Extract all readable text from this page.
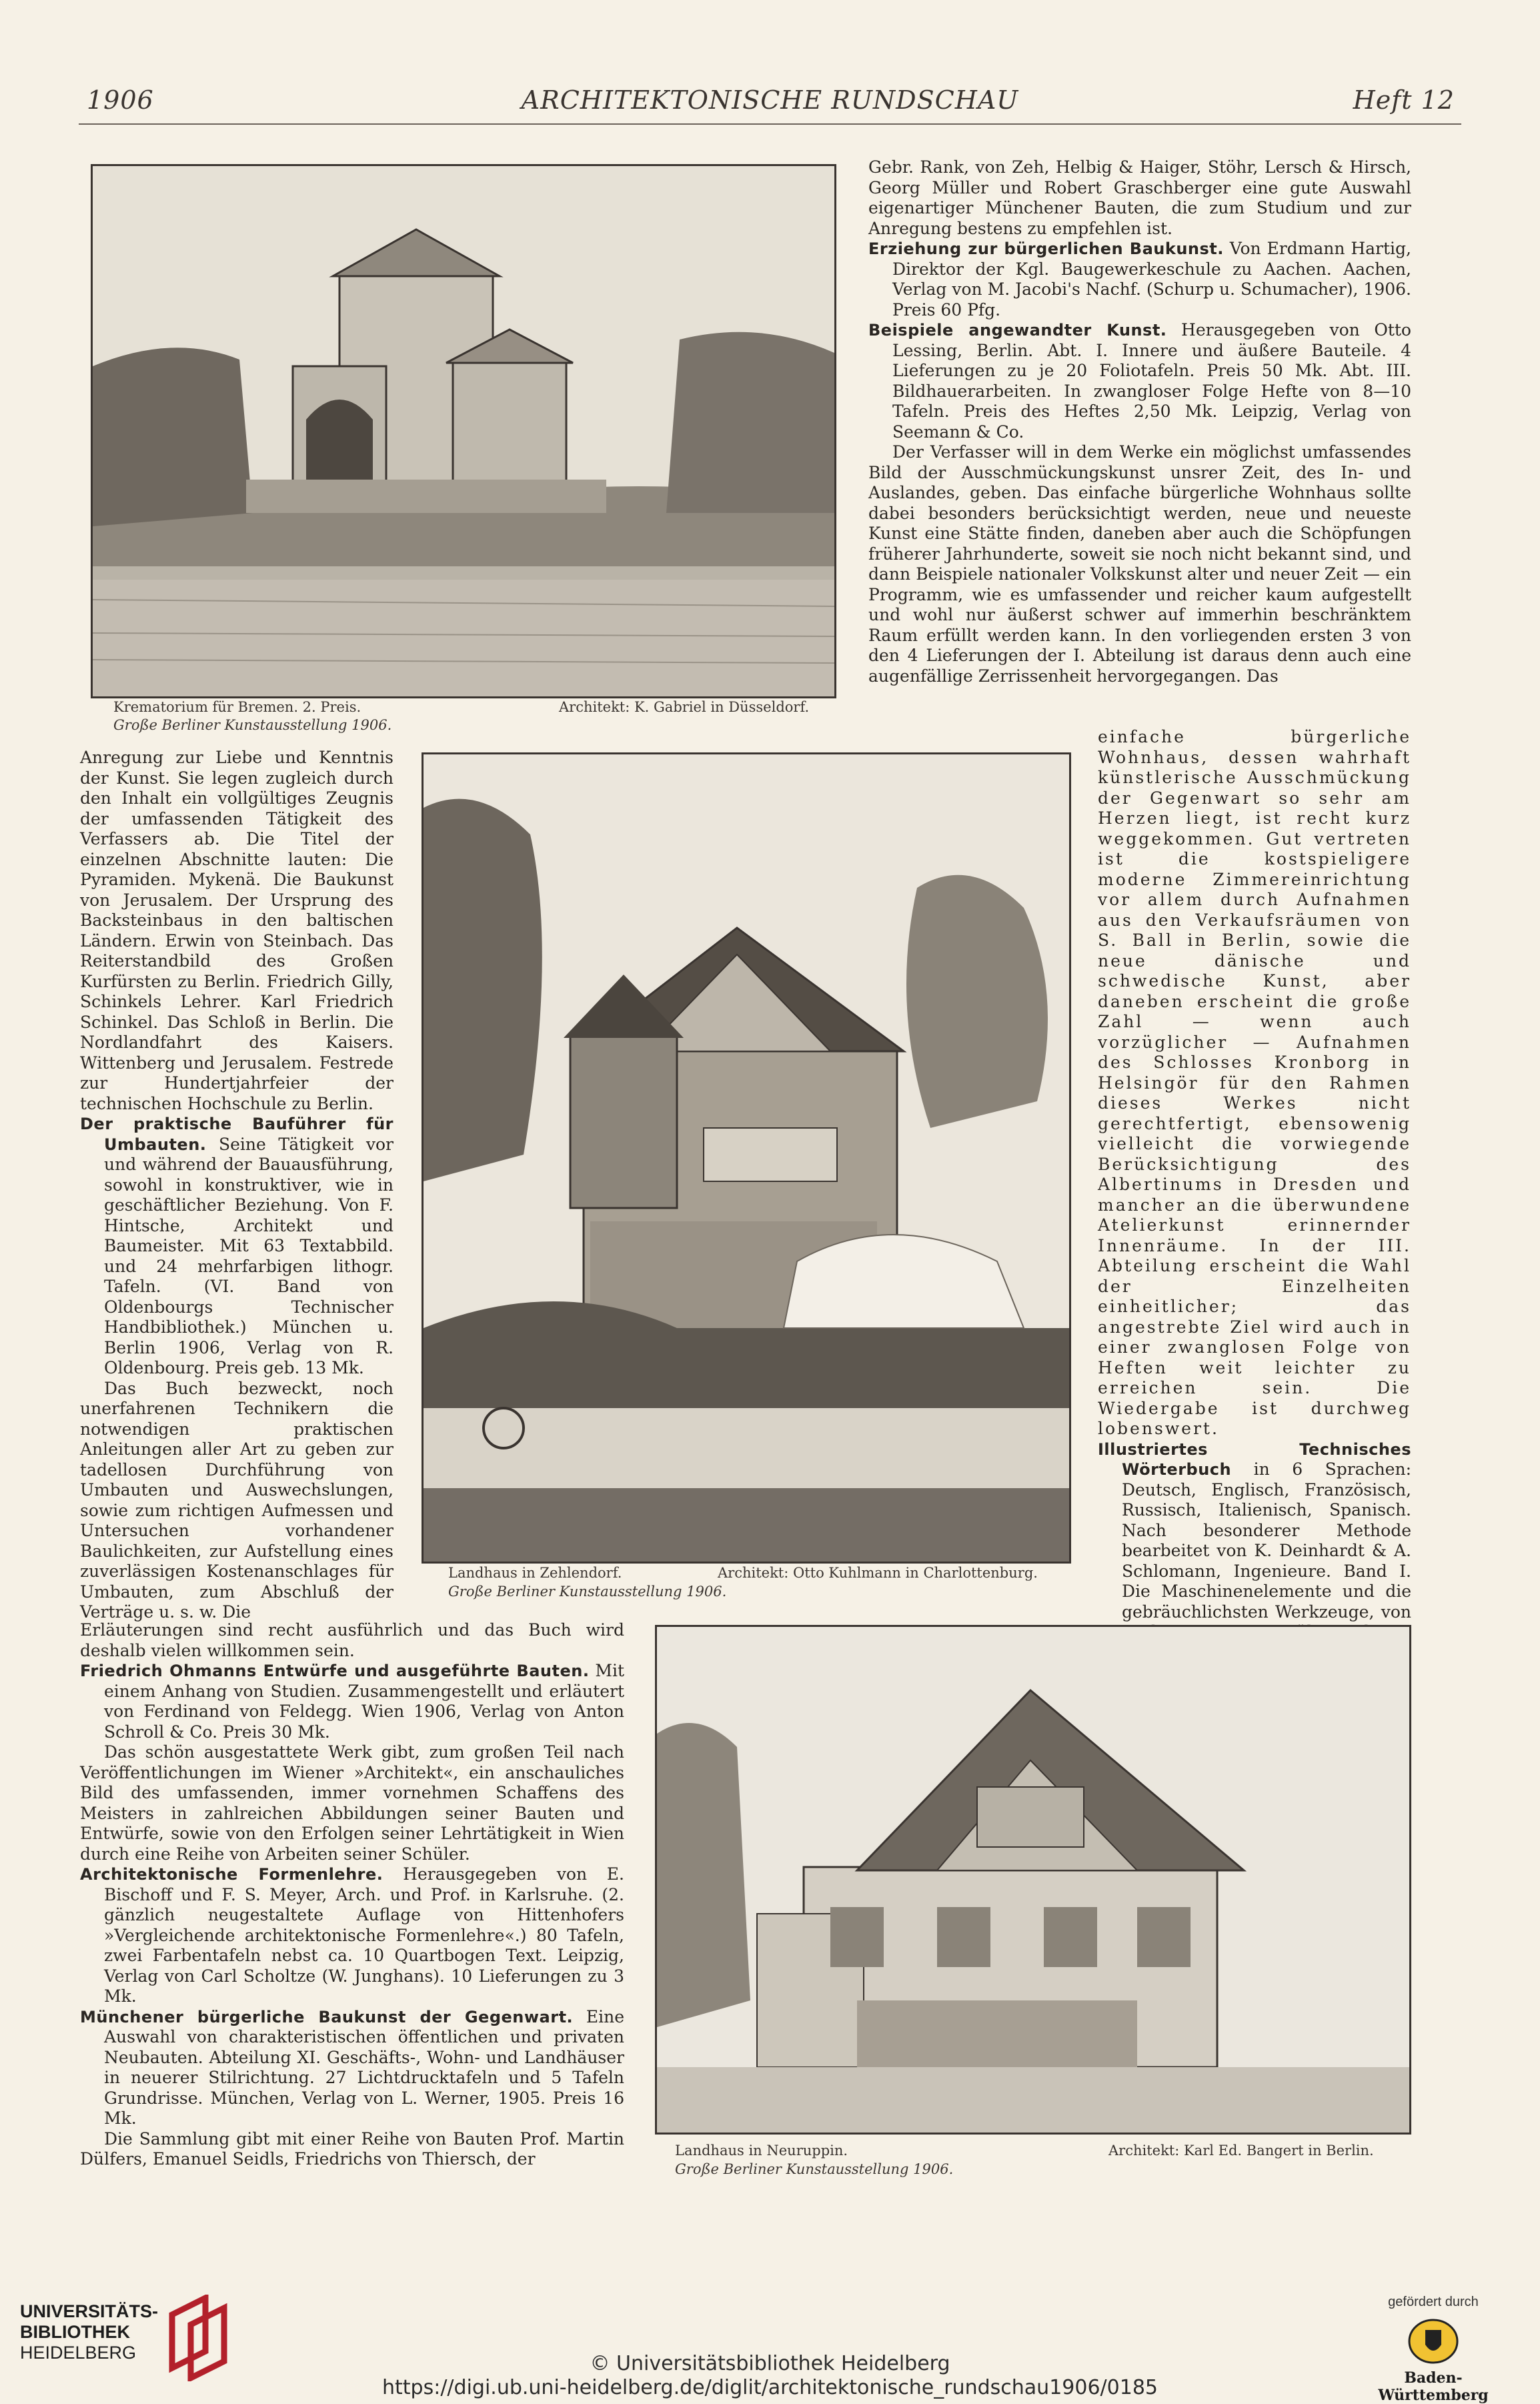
1906	ARCHITEKTONISCHE RUNDSCHAU	Heft 12
Krematorium für Bremen. 2. Preis.
Große Berliner Kunstausstellung 1906.
Architekt: K. Gabriel in Düsseldorf.

Gebr. Rank, von Zeh, Helbig & Haiger, Stöhr, Lersch & Hirsch, Georg Müller und Robert Graschberger eine gute Auswahl eigenartiger Münchener Bauten, die zum Studium und zur Anregung bestens zu empfehlen ist.

Erziehung zur bürgerlichen Baukunst. Von Erdmann Hartig, Direktor der Kgl. Baugewerkeschule zu Aachen. Aachen, Verlag von M. Jacobi's Nachf. (Schurp u. Schumacher), 1906. Preis 60 Pfg.

Beispiele angewandter Kunst. Herausgegeben von Otto Lessing, Berlin. Abt. I. Innere und äußere Bauteile. 4 Lieferungen zu je 20 Foliotafeln. Preis 50 Mk. Abt. III. Bildhauerarbeiten. In zwangloser Folge Hefte von 8—10 Tafeln. Preis des Heftes 2,50 Mk. Leipzig, Verlag von Seemann & Co.

Der Verfasser will in dem Werke ein möglichst umfassendes Bild der Ausschmückungskunst unsrer Zeit, des In- und Auslandes, geben. Das einfache bürgerliche Wohnhaus sollte dabei besonders berücksichtigt werden, neue und neueste Kunst eine Stätte finden, daneben aber auch die Schöpfungen früherer Jahrhunderte, soweit sie noch nicht bekannt sind, und dann Beispiele nationaler Volkskunst alter und neuer Zeit — ein Programm, wie es umfassender und reicher kaum aufgestellt und wohl nur äußerst schwer auf immerhin beschränktem Raum erfüllt werden kann. In den vorliegenden ersten 3 von den 4 Lieferungen der I. Abteilung ist daraus denn auch eine augenfällige Zerrissenheit hervorgegangen. Das

Anregung zur Liebe und Kenntnis der Kunst. Sie legen zugleich durch den Inhalt ein vollgültiges Zeugnis der umfassenden Tätigkeit des Verfassers ab. Die Titel der einzelnen Abschnitte lauten: Die Pyramiden. Mykenä. Die Baukunst von Jerusalem. Der Ursprung des Backsteinbaus in den baltischen Ländern. Erwin von Steinbach. Das Reiterstandbild des Großen Kurfürsten zu Berlin. Friedrich Gilly, Schinkels Lehrer. Karl Friedrich Schinkel. Das Schloß in Berlin. Die Nordlandfahrt des Kaisers. Wittenberg und Jerusalem. Festrede zur Hundertjahrfeier der technischen Hochschule zu Berlin.

Der praktische Bauführer für Umbauten. Seine Tätigkeit vor und während der Bauausführung, sowohl in konstruktiver, wie in geschäftlicher Beziehung. Von F. Hintsche, Architekt und Baumeister. Mit 63 Textabbild. und 24 mehrfarbigen lithogr. Tafeln. (VI. Band von Oldenbourgs Technischer Handbibliothek.) München u. Berlin 1906, Verlag von R. Oldenbourg. Preis geb. 13 Mk.

Das Buch bezweckt, noch unerfahrenen Technikern die notwendigen praktischen Anleitungen aller Art zu geben zur tadellosen Durchführung von Umbauten und Auswechslungen, sowie zum richtigen Aufmessen und Untersuchen vorhandener Baulichkeiten, zur Aufstellung eines zuverlässigen Kostenanschlages für Umbauten, zum Abschluß der Verträge u. s. w. Die

einfache bürgerliche Wohnhaus, dessen wahrhaft künstlerische Ausschmückung der Gegenwart so sehr am Herzen liegt, ist recht kurz weggekommen. Gut vertreten ist die kostspieligere moderne Zimmereinrichtung vor allem durch Aufnahmen aus den Verkaufsräumen von S. Ball in Berlin, sowie die neue dänische und schwedische Kunst, aber daneben erscheint die große Zahl — wenn auch vorzüglicher — Aufnahmen des Schlosses Kronborg in Helsingör für den Rahmen dieses Werkes nicht gerechtfertigt, ebensowenig vielleicht die vorwiegende Berücksichtigung des Albertinums in Dresden und mancher an die überwundene Atelierkunst erinnernder Innenräume. In der III. Abteilung erscheint die Wahl der Einzelheiten einheitlicher; das angestrebte Ziel wird auch in einer zwanglosen Folge von Heften weit leichter zu erreichen sein. Die Wiedergabe ist durchweg lobenswert.

Illustriertes Technisches Wörterbuch in 6 Sprachen: Deutsch, Englisch, Französisch, Russisch, Italienisch, Spanisch. Nach besonderer Methode bearbeitet von K. Deinhardt & A. Schlomann, Ingenieure. Band I. Die Maschinenelemente und die gebräuchlichsten Werkzeuge, von

Landhaus in Zehlendorf.
Große Berliner Kunstausstellung 1906.
Architekt: Otto Kuhlmann in Charlottenburg.

Erläuterungen sind recht ausführlich und das Buch wird deshalb vielen willkommen sein.

Friedrich Ohmanns Entwürfe und ausgeführte Bauten. Mit einem Anhang von Studien. Zusammengestellt und erläutert von Ferdinand von Feldegg. Wien 1906, Verlag von Anton Schroll & Co. Preis 30 Mk.

Das schön ausgestattete Werk gibt, zum großen Teil nach Veröffentlichungen im Wiener »Architekt«, ein anschauliches Bild des umfassenden, immer vornehmen Schaffens des Meisters in zahlreichen Abbildungen seiner Bauten und Entwürfe, sowie von den Erfolgen seiner Lehrtätigkeit in Wien durch eine Reihe von Arbeiten seiner Schüler.

Architektonische Formenlehre. Herausgegeben von E. Bischoff und F. S. Meyer, Arch. und Prof. in Karlsruhe. (2. gänzlich neugestaltete Auflage von Hittenhofers »Vergleichende architektonische Formenlehre«.) 80 Tafeln, zwei Farbentafeln nebst ca. 10 Quartbogen Text. Leipzig, Verlag von Carl Scholtze (W. Junghans). 10 Lieferungen zu 3 Mk.

Münchener bürgerliche Baukunst der Gegenwart. Eine Auswahl von charakteristischen öffentlichen und privaten Neubauten. Abteilung XI. Geschäfts-, Wohn- und Landhäuser in neuerer Stilrichtung. 27 Lichtdrucktafeln und 5 Tafeln Grundrisse. München, Verlag von L. Werner, 1905. Preis 16 Mk.

Die Sammlung gibt mit einer Reihe von Bauten Prof. Martin Dülfers, Emanuel Seidls, Friedrichs von Thiersch, der	Landhaus in Neuruppin.
Große Berliner Kunstausstellung 1906.
Architekt: Karl Ed. Bangert in Berlin.
UNIVERSITÄTS-
BIBLIOTHEK
HEIDELBERG	© Universitätsbibliothek Heidelberg
https://digi.ub.uni-heidelberg.de/diglit/architektonische_rundschau1906/0185
gefördert durch
Baden-Württemberg
